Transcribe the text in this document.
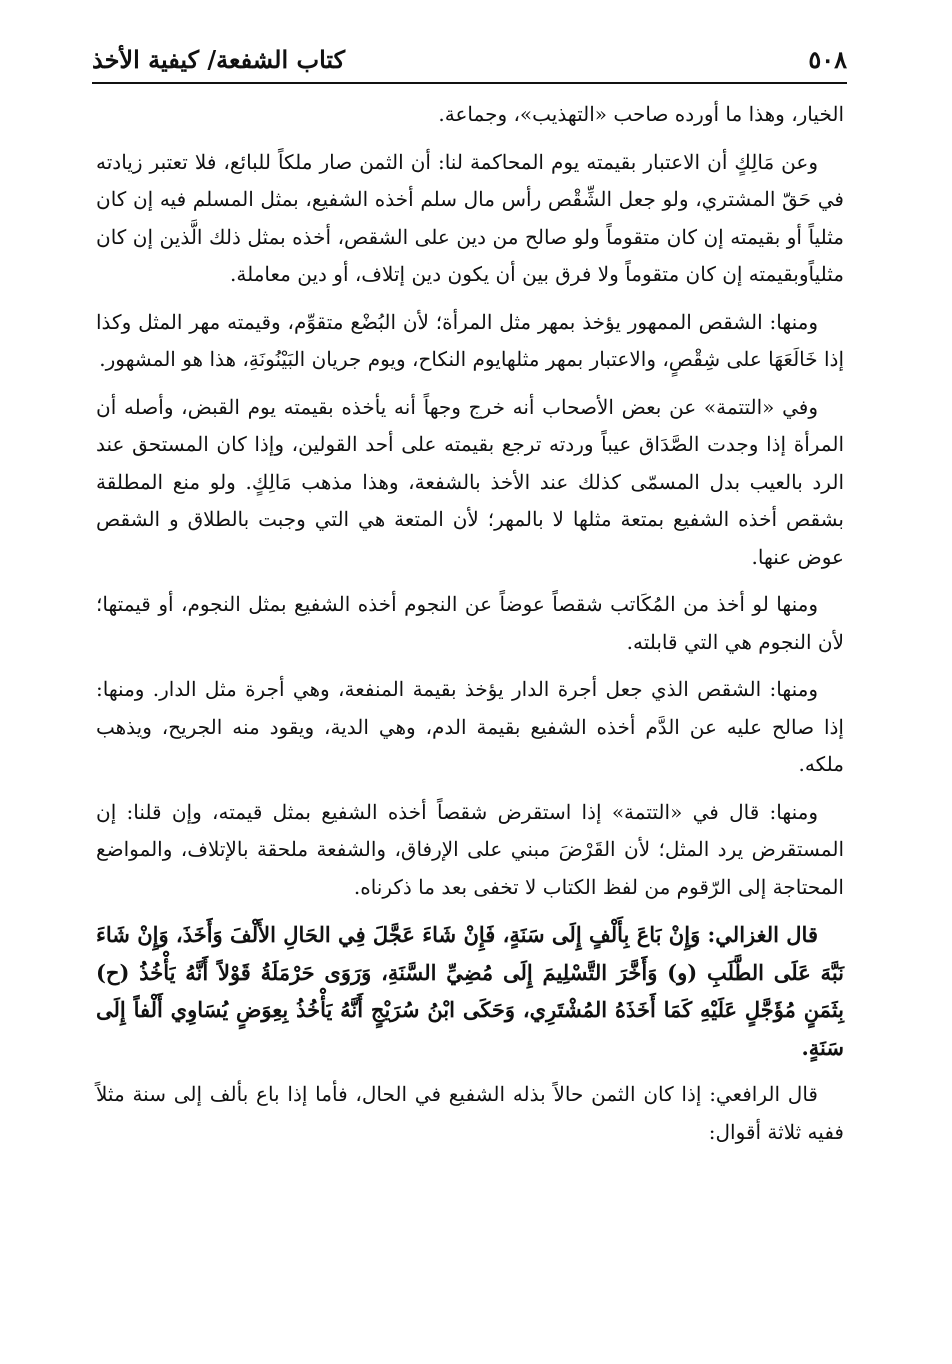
٥٠٨
كتاب الشفعة/ كيفية الأخذ

الخيار، وهذا ما أورده صاحب «التهذيب»، وجماعة.

وعن مَالِكٍ أن الاعتبار بقيمته يوم المحاكمة لنا: أن الثمن صار ملكاً للبائع، فلا تعتبر زيادته في حَقّ المشتري، ولو جعل الشِّقْص رأس مال سلم أخذه الشفيع، بمثل المسلم فيه إن كان مثلياً أو بقيمته إن كان متقوماً ولو صالح من دين على الشقص، أخذه بمثل ذلك الَّذين إن كان مثلياًوبقيمته إن كان متقوماً ولا فرق بين أن يكون دين إتلاف، أو دين معاملة.

ومنها: الشقص الممهور يؤخذ بمهر مثل المرأة؛ لأن البُضْع متقوِّم، وقيمته مهر المثل وكذا إذا خَالَعَهَا على شِقْصٍ، والاعتبار بمهر مثلهايوم النكاح، ويوم جريان البَيْنُونَةِ، هذا هو المشهور.

وفي «التتمة» عن بعض الأصحاب أنه خرج وجهاً أنه يأخذه بقيمته يوم القبض، وأصله أن المرأة إذا وجدت الصَّدَاق عيباً وردته ترجع بقيمته على أحد القولين، وإذا كان المستحق عند الرد بالعيب بدل المسمّى كذلك عند الأخذ بالشفعة، وهذا مذهب مَالِكٍ. ولو منع المطلقة بشقص أخذه الشفيع بمتعة مثلها لا بالمهر؛ لأن المتعة هي التي وجبت بالطلاق و الشقص عوض عنها.

ومنها لو أخذ من المُكَاتب شقصاً عوضاً عن النجوم أخذه الشفيع بمثل النجوم، أو قيمتها؛ لأن النجوم هي التي قابلته.

ومنها: الشقص الذي جعل أجرة الدار يؤخذ بقيمة المنفعة، وهي أجرة مثل الدار. ومنها: إذا صالح عليه عن الدَّم أخذه الشفيع بقيمة الدم، وهي الدية، ويقود منه الجريح، ويذهب ملكه.

ومنها: قال في «التتمة» إذا استقرض شقصاً أخذه الشفيع بمثل قيمته، وإن قلنا: إن المستقرض يرد المثل؛ لأن القَرْضَ مبني على الإرفاق، والشفعة ملحقة بالإتلاف، والمواضع المحتاجة إلى الرّقوم من لفظ الكتاب لا تخفى بعد ما ذكرناه.

قال الغزالي: وَإِنْ بَاعَ بِأَلْفٍ إِلَى سَنَةٍ، فَإِنْ شَاءَ عَجَّلَ فِي الحَالِ الأَلْفَ وَأَخَذَ، وَإِنْ شَاءَ نَبَّهَ عَلَى الطَّلَبِ (و) وَأَخَّرَ التَّسْلِيمَ إِلَى مُضِيِّ السَّنَةِ، وَرَوَى حَرْمَلَةُ قَوْلاً أَنَّهُ يَأْخُذُ (ح) بِثَمَنٍ مُؤَجَّلٍ عَلَيْهِ كَمَا أَخَذَهُ المُشْتَرِي، وَحَكَى ابْنُ سُرَيْجٍ أَنَّهُ يَأْخُذُ بِعِوَضٍ يُسَاوِي أَلْفاً إِلَى سَنَةٍ.

قال الرافعي: إذا كان الثمن حالاً بذله الشفيع في الحال، فأما إذا باع بألف إلى سنة مثلاً ففيه ثلاثة أقوال:
